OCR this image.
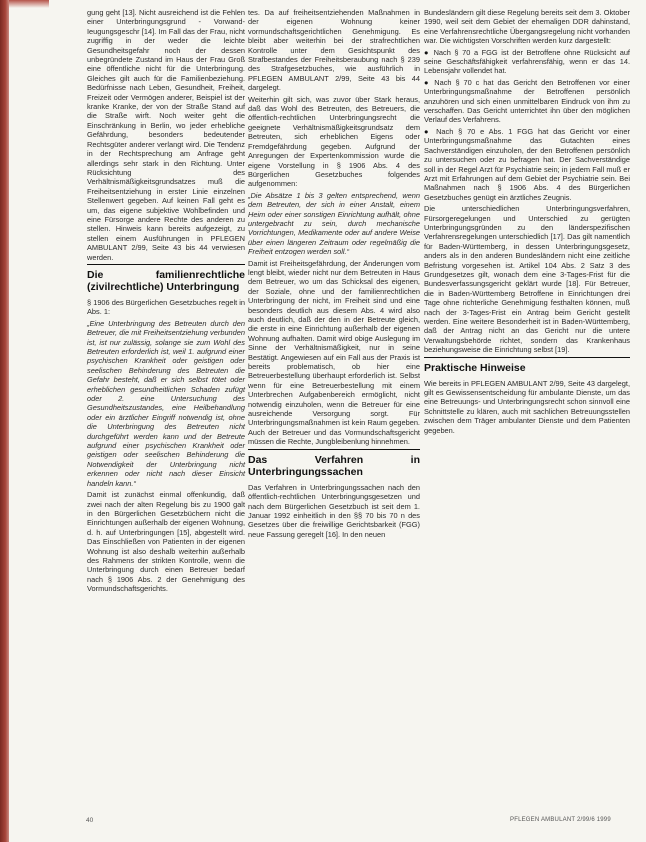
gung geht [13]. Nicht ausreichend ist die Fehlen einer Unterbringungsgrund - Vorwand- Ieugungsgeschr [14]. Im Fall das der Frau, nicht zugriffig in der weder die leichte Gesundheitsgefahr noch der dessen unbegründete Zustand im Haus der Frau Groß eine öffentliche nicht für die Unterbringung. Gleiches gilt auch für die Familienbeziehung. Bedürfnisse nach Leben, Gesundheit, Freiheit, Freizeit oder Vermögen anderer, Beispiel ist der kranke Kranke, der von der Straße Stand auf die Straße wirft. Noch weiter geht die Einschränkung in Berlin, wo jeder erhebliche Gefährdung, besonders bedeutender Rechtsgüter anderer verlangt wird. Die Tendenz in der Rechtsprechung am Anfrage geht allerdings sehr stark in den Richtung. Unter Rücksichtung des Verhältnismäßigkeitsgrundsatzes muß die Freiheitsentziehung in erster Linie einzelnen Stellenwert gegeben. Auf keinen Fall geht es um, das eigene subjektive Wohlbefinden und eine Fürsorge andere Rechte des anderen zu stellen. Hinweis kann bereits aufgezeigt, zu stellen einem Ausführungen in PFLEGEN AMBULANT 2/99, Seite 43 bis 44 verwiesen werden.

Die familienrechtliche (zivilrechtliche) Unterbringung

§ 1906 des Bürgerlichen Gesetzbuches regelt in Abs. 1:

„Eine Unterbringung des Betreuten durch den Betreuer, die mit Freiheitsentziehung verbunden ist, ist nur zulässig, solange sie zum Wohl des Betreuten erforderlich ist, weil 1. aufgrund einer psychischen Krankheit oder geistigen oder seelischen Behinderung des Betreuten die Gefahr besteht, daß er sich selbst tötet oder erheblichen gesundheitlichen Schaden zufügt oder 2. eine Untersuchung des Gesundheitszustandes, eine Heilbehandlung oder ein ärztlicher Eingriff notwendig ist, ohne die Unterbringung des Betreuten nicht durchgeführt werden kann und der Betreute aufgrund einer psychischen Krankheit oder geistigen oder seelischen Behinderung die Notwendigkeit der Unterbringung nicht erkennen oder nicht nach dieser Einsicht handeln kann.“

Damit ist zunächst einmal offenkundig, daß zwei nach der alten Regelung bis zu 1900 galt in den Bürgerlichen Gesetzbüchern nicht die Einrichtungen außerhalb der eigenen Wohnung, d. h. auf Unterbringungen [15], abgestellt wird. Das Einschließen von Patienten in der eigenen Wohnung ist also deshalb weiterhin außerhalb des Rahmens der strikten Kontrolle, wenn die Unterbringung durch einen Betreuer bedarf nach § 1906 Abs. 2 der Genehmigung des Vormundschaftsgerichts.

tes. Da auf freiheitsentziehenden Maßnahmen in der eigenen Wohnung keiner vormundschaftsgerichtlichen Genehmigung. Es bleibt aber weiterhin bei der strafrechtlichen Kontrolle unter dem Gesichtspunkt des Strafbestandes der Freiheitsberaubung nach § 239 des Strafgesetzbuches, wie ausführlich in PFLEGEN AMBULANT 2/99, Seite 43 bis 44 dargelegt.

Weiterhin gilt sich, was zuvor über Stark heraus, daß das Wohl des Betreuten, des Betreuers, die öffentlich-rechtlichen Unterbringungsrecht die geeignete Verhältnismäßigkeitsgrundsatz dem Betreuten, sich erheblichen Eigens oder Fremdgefährdung gegeben. Aufgrund der Anregungen der Expertenkommission wurde die eigene Vorstellung in § 1906 Abs. 4 des Bürgerlichen Gesetzbuches folgendes aufgenommen:

„Die Absätze 1 bis 3 gelten entsprechend, wenn dem Betreuten, der sich in einer Anstalt, einem Heim oder einer sonstigen Einrichtung aufhält, ohne untergebracht zu sein, durch mechanische Vorrichtungen, Medikamente oder auf andere Weise über einen längeren Zeitraum oder regelmäßig die Freiheit entzogen werden soll.“

Damit ist Freiheitsgefährdung, der Änderungen vom lengt bleibt, wieder nicht nur dem Betreuten in Haus dem Betreuer, wo um das Schicksal des eigenen, der Soziale, ohne und der familienrechtlichen Unterbringung der nicht, im Freiheit sind und eine besonders deutlich aus diesem Abs. 4 wird also auch deutlich, daß der den in der Betreute gleich, die erste in eine Einrichtung außerhalb der eigenen Wohnung aufhalten. Damit wird obige Auslegung im Sinne der Verhältnismäßigkeit, nur in seine Bestätigt. Angewiesen auf ein Fall aus der Praxis ist bereits problematisch, ob hier eine Betreuerbestellung überhaupt erforderlich ist. Selbst wenn für eine Betreuerbestellung mit einem Unterbrechen Aufgabenbereich ermöglicht, nicht notwendig einzuholen, wenn die Betreuer für eine ausreichende Versorgung sorgt. Für Unterbringungsmaßnahmen ist kein Raum gegeben. Auch der Betreuer und das Vormundschaftsgericht müssen die Rechte, Jungbleibenlung hinnehmen.

Das Verfahren in Unterbringungssachen

Das Verfahren in Unterbringungssachen nach den öffentlich-rechtlichen Unterbringungsgesetzen und nach dem Bürgerlichen Gesetzbuch ist seit dem 1. Januar 1992 einheitlich in den §§ 70 bis 70 n des Gesetzes über die freiwillige Gerichtsbarkeit (FGG) neue Fassung geregelt [16]. In den neuen

Bundesländern gilt diese Regelung bereits seit dem 3. Oktober 1990, weil seit dem Gebiet der ehemaligen DDR dahinstand, eine Verfahrensrechtliche Übergangsregelung nicht vorhanden war. Die wichtigsten Vorschriften werden kurz dargestellt:

● Nach § 70 a FGG ist der Betroffene ohne Rücksicht auf seine Geschäftsfähigkeit verfahrensfähig, wenn er das 14. Lebensjahr vollendet hat.

● Nach § 70 c hat das Gericht den Betroffenen vor einer Unterbringungsmaßnahme der Betroffenen persönlich anzuhören und sich einen unmittelbaren Eindruck von ihm zu verschaffen. Das Gericht unterrichtet ihn über den möglichen Verlauf des Verfahrens.

● Nach § 70 e Abs. 1 FGG hat das Gericht vor einer Unterbringungsmaßnahme das Gutachten eines Sachverständigen einzuholen, der den Betroffenen persönlich zu untersuchen oder zu befragen hat. Der Sachverständige soll in der Regel Arzt für Psychiatrie sein; in jedem Fall muß er Arzt mit Erfahrungen auf dem Gebiet der Psychiatrie sein. Bei Maßnahmen nach § 1906 Abs. 4 des Bürgerlichen Gesetzbuches genügt ein ärztliches Zeugnis.

Die unterschiedlichen Unterbringungsverfahren, Fürsorgeregelungen und Unterschied zu gerügten Unterbringungsgründen zu den länderspezifischen Verfahrensregelungen unterschiedlich [17]. Das gilt namentlich für Baden-Württemberg, in dessen Unterbringungsgesetz, anders als in den anderen Bundesländern nicht eine zeitliche Befristung vorgesehen ist. Artikel 104 Abs. 2 Satz 3 des Grundgesetzes gilt, wonach dem eine 3-Tages-Frist für die Bundesverfassungsgericht geklärt wurde [18]. Für Betreuer, die in Baden-Württemberg Betroffene in Einrichtungen drei Tage ohne richterliche Genehmigung festhalten können, muß nach der 3-Tages-Frist ein Antrag beim Gericht gestellt werden. Eine weitere Besonderheit ist in Baden-Württemberg, daß der Antrag nicht an das Gericht nur die untere Verwaltungsbehörde richtet, sondern das Krankenhaus beziehungsweise die Einrichtung selbst [19].

Praktische Hinweise

Wie bereits in PFLEGEN AMBULANT 2/99, Seite 43 dargelegt, gilt es Gewissensentscheidung für ambulante Dienste, um das eine Betreuungs- und Unterbringungsrecht schon sinnvoll eine Schnittstelle zu klären, auch mit sachlichen Betreuungsstellen zwischen dem Träger ambulanter Dienste und dem Patienten gegeben.

40	PFLEGEN AMBULANT 2/99/6 1999
